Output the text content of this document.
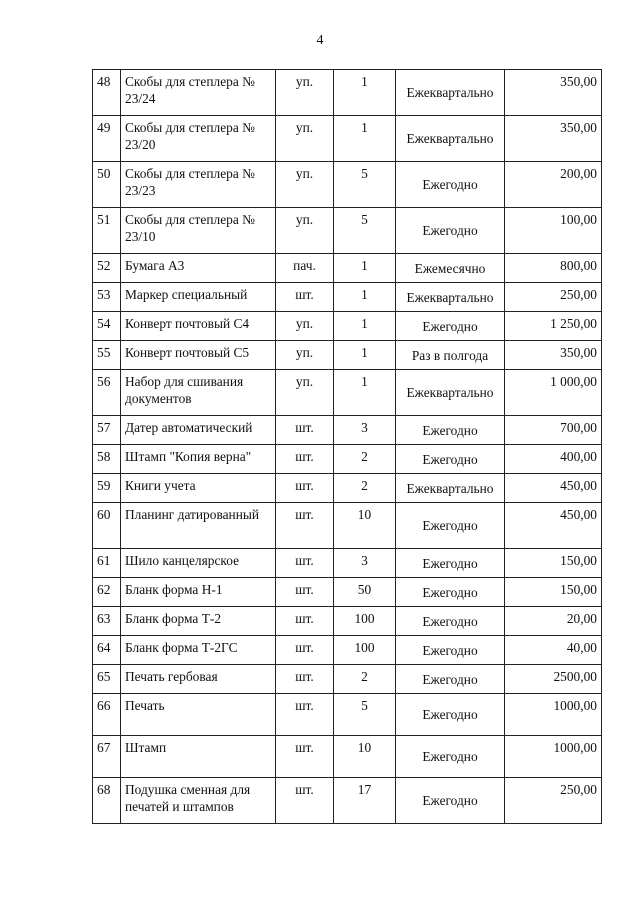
4
48	Скобы для степлера № 23/24	уп.	1	Ежеквартально	350,00
49	Скобы для степлера № 23/20	уп.	1	Ежеквартально	350,00
50	Скобы для степлера № 23/23	уп.	5	Ежегодно	200,00
51	Скобы для степлера № 23/10	уп.	5	Ежегодно	100,00
52	Бумага А3	пач.	1	Ежемесячно	800,00
53	Маркер специальный	шт.	1	Ежеквартально	250,00
54	Конверт почтовый С4	уп.	1	Ежегодно	1 250,00
55	Конверт почтовый С5	уп.	1	Раз в полгода	350,00
56	Набор для сшивания документов	уп.	1	Ежеквартально	1 000,00
57	Датер автоматический	шт.	3	Ежегодно	700,00
58	Штамп "Копия верна"	шт.	2	Ежегодно	400,00
59	Книги учета	шт.	2	Ежеквартально	450,00
60	Планинг датированный	шт.	10	Ежегодно	450,00
61	Шило канцелярское	шт.	3	Ежегодно	150,00
62	Бланк форма Н-1	шт.	50	Ежегодно	150,00
63	Бланк форма Т-2	шт.	100	Ежегодно	20,00
64	Бланк форма Т-2ГС	шт.	100	Ежегодно	40,00
65	Печать гербовая	шт.	2	Ежегодно	2500,00
66	Печать	шт.	5	Ежегодно	1000,00
67	Штамп	шт.	10	Ежегодно	1000,00
68	Подушка сменная для печатей и штампов	шт.	17	Ежегодно	250,00
